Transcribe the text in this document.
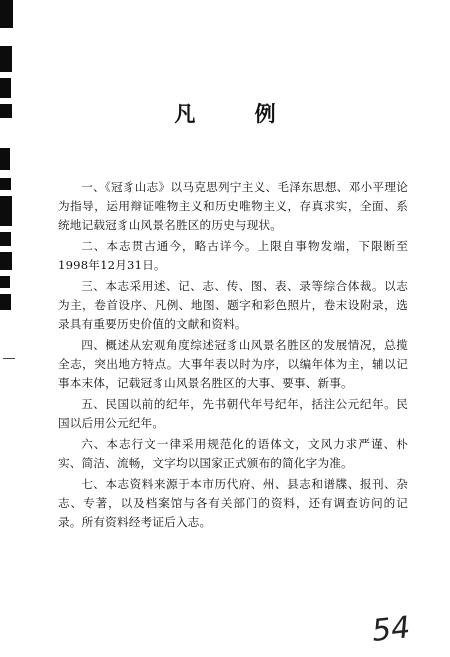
凡 例

一、《冠豸山志》以马克思列宁主义、毛泽东思想、邓小平理论为指导，运用辩证唯物主义和历史唯物主义，存真求实，全面、系统地记载冠豸山风景名胜区的历史与现状。

二、本志贯古通今，略古详今。上限自事物发端，下限断至1998年12月31日。

三、本志采用述、记、志、传、图、表、录等综合体裁。以志为主，卷首设序、凡例、地图、题字和彩色照片，卷末设附录，选录具有重要历史价值的文献和资料。

四、概述从宏观角度综述冠豸山风景名胜区的发展情况，总揽全志，突出地方特点。大事年表以时为序，以编年体为主，辅以记事本末体，记载冠豸山风景名胜区的大事、要事、新事。

五、民国以前的纪年，先书朝代年号纪年，括注公元纪年。民国以后用公元纪年。

六、本志行文一律采用规范化的语体文，文风力求严谨、朴实、简洁、流畅，文字均以国家正式颁布的简化字为准。

七、本志资料来源于本市历代府、州、县志和谱牒、报刊、杂志、专著，以及档案馆与各有关部门的资料，还有调查访问的记录。所有资料经考证后入志。

54
